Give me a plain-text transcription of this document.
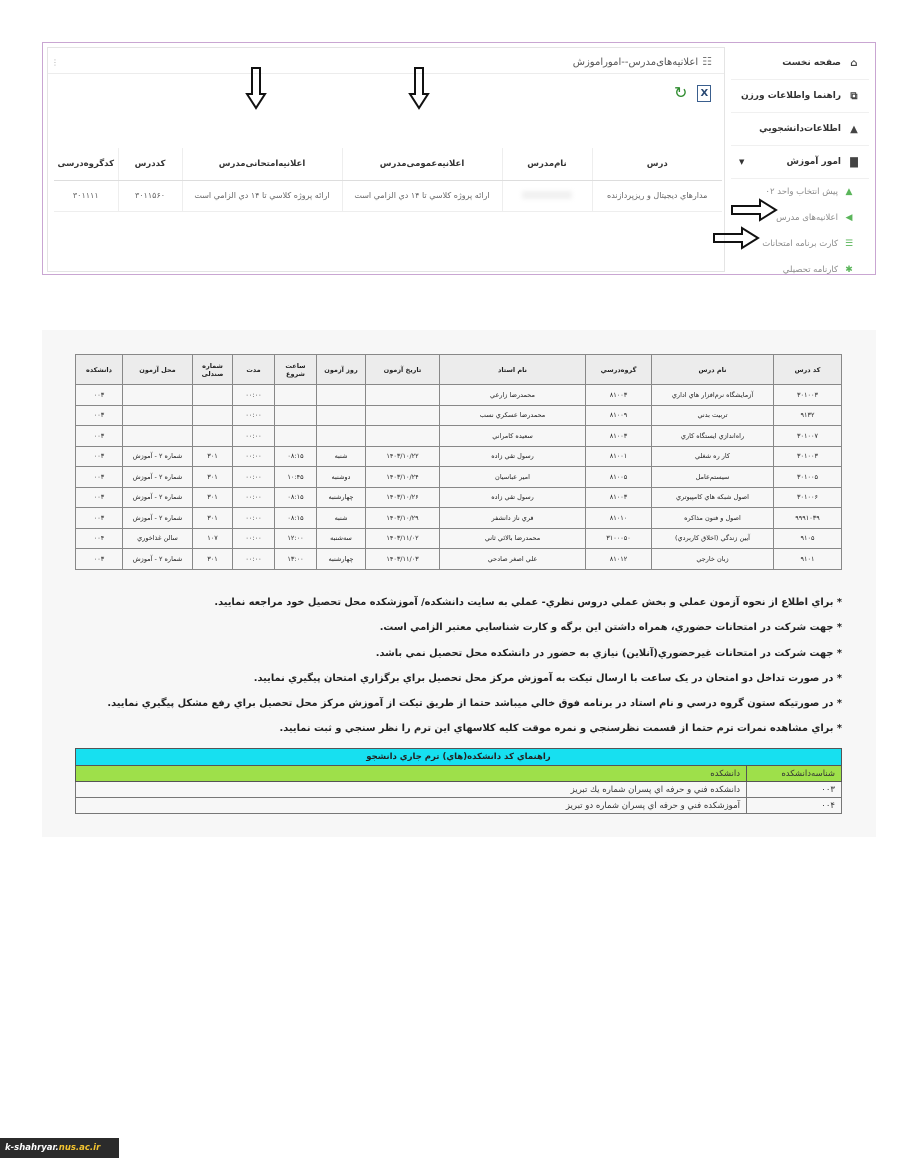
☷اعلانیه‌های‌مدرس--اموراموزش
⋮
↻	X
درس	نام‌مدرس	اعلانیه‌عمومی‌مدرس	اعلانیه‌امتحانی‌مدرس	کددرس	کدگروه‌درسی
مدارهاي ديجيتال و ريزپردازنده		ارائه پروژه كلاسي تا ۱۴ دي الزامي است	ارائه پروژه كلاسي تا ۱۴ دي الزامي است	۳۰۱۱۵۶۰	۳۰۱۱۱۱
⌂
صفحه نخست
⧉
راهنما واطلاعات ورزن
▲
اطلاعات‌دانشجويي
▇
امور آموزش
▼
▲
پيش انتخاب واحد ۰۲
◀
اعلانیه‌های مدرس
☰
کارت برنامه امتحانات
✱
کارنامه تحصيلي
کد درس	نام درس	گروه‌درسي	نام استاد	تاريخ آزمون	روز آزمون	ساعت شروع	مدت	شماره صندلی	محل آزمون	دانشکده
۳۰۱۰۰۳	آزمايشگاه نرم‌افزار هاي اداري	۸۱۰۰۳	محمدرضا زارعي				۰۰:۰۰			۰۰۳
۹۱۳۲	تربيت بدني	۸۱۰۰۹	محمدرضا عسكري نسب				۰۰:۰۰			۰۰۳
۳۰۱۰۰۷	راه‌اندازي ايستگاه كاري	۸۱۰۰۳	سعيده كامراني				۰۰:۰۰			۰۰۳
۳۰۱۰۰۳	كار ره شغلي	۸۱۰۰۱	رسول تقي زاده	۱۴۰۳/۱۰/۲۲	شنبه	۰۸:۱۵	۰۰:۰۰	۳۰۱	شماره ۲ - آموزش	۰۰۳
۳۰۱۰۰۵	سيستم‌عامل	۸۱۰۰۵	امير عباسيان	۱۴۰۳/۱۰/۲۴	دوشنبه	۱۰:۴۵	۰۰:۰۰	۳۰۱	شماره ۲ - آموزش	۰۰۳
۳۰۱۰۰۶	اصول شبكه هاي كامپيوتري	۸۱۰۰۳	رسول تقي زاده	۱۴۰۳/۱۰/۲۶	چهارشنبه	۰۸:۱۵	۰۰:۰۰	۳۰۱	شماره ۲ - آموزش	۰۰۳
۹۹۹۱۰۳۹	اصول و فنون مذاكره	۸۱۰۱۰	فري ناز دانشفر	۱۴۰۳/۱۰/۲۹	شنبه	۰۸:۱۵	۰۰:۰۰	۳۰۱	شماره ۲ - آموزش	۰۰۳
۹۱۰۵	آيين زندگي (اخلاق كاربردي)	۳۱۰۰۰۵۰	محمدرضا بالائي ثاني	۱۴۰۳/۱۱/۰۲	سه‌شنبه	۱۲:۰۰	۰۰:۰۰	۱۰۷	سالن غذاخوري	۰۰۴
۹۱۰۱	زبان خارجي	۸۱۰۱۲	علي اصغر صادحي	۱۴۰۳/۱۱/۰۳	چهارشنبه	۱۳:۰۰	۰۰:۰۰	۳۰۱	شماره ۲ - آموزش	۰۰۳
* براي اطلاع از نحوه آزمون عملي و بخش عملي دروس نظري- عملي به سايت دانشكده/ آموزشكده محل تحصيل خود مراجعه نماييد.
* جهت شركت در امتحانات حضوري، همراه داشتن اين برگه و كارت شناسايي معتبر الزامي است.
* جهت شركت در امتحانات غيرحضوري(آنلاين) نيازي به حضور در دانشكده محل تحصيل نمي باشد.
* در صورت تداخل دو امتحان در يک ساعت با ارسال تيكت به آموزش مركز محل تحصيل براي برگزاري امتحان پيگيري نماييد.
* در صورتيكه ستون گروه درسي و نام استاد در برنامه فوق خالي ميباشد حتما از طريق تيكت از آموزش مركز محل تحصيل براي رفع مشكل پيگيري نماييد.
* براي مشاهده نمرات ترم حتما از قسمت نظرسنجي و نمره موقت كليه كلاسهاي اين ترم را نظر سنجي و ثبت نماييد.
راهنماي کد دانشکده(هاي) ترم جاري دانشجو	
شناسه‌دانشکده	دانشکده
۰۰۳	دانشكده فني و حرفه اي پسران شماره يك تبريز
۰۰۴	آموزشكده فني و حرفه اي پسران شماره دو تبريز
k-shahryar.nus.ac.ir
